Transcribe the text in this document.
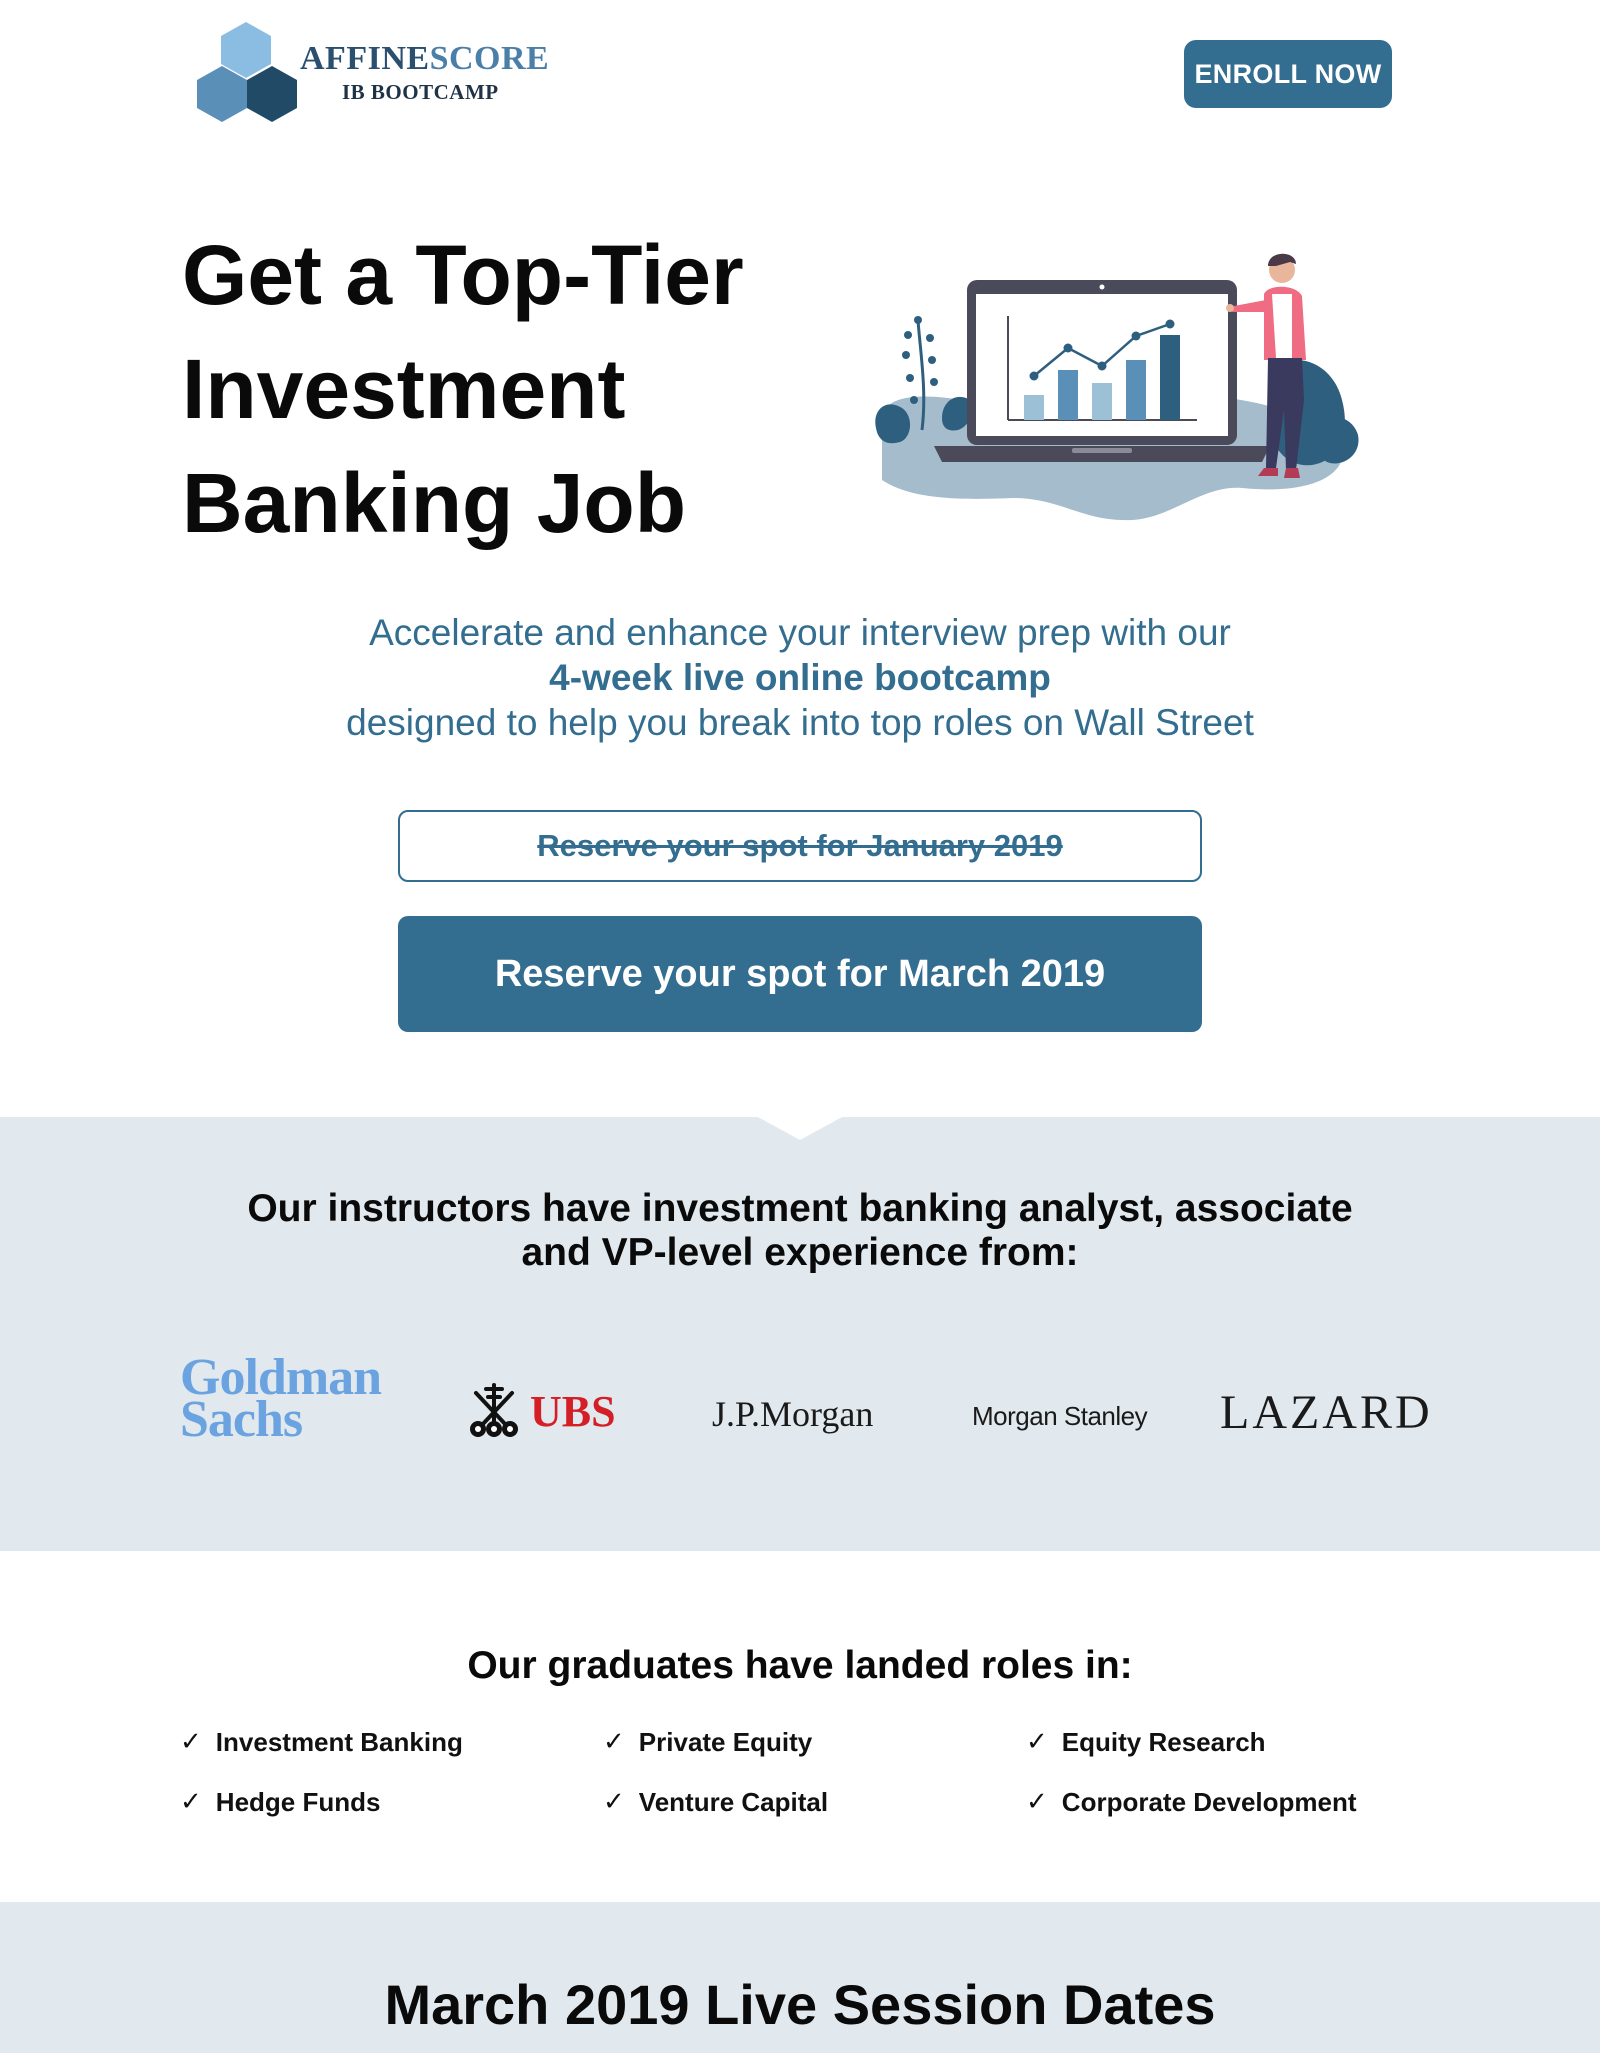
AFFINESCORE
IB BOOTCAMP
ENROLL NOW
Get a Top-Tier
Investment
Banking Job
Accelerate and enhance your interview prep with our
4-week live online bootcamp
designed to help you break into top roles on Wall Street
Reserve your spot for January 2019
Reserve your spot for March 2019
Our instructors have investment banking analyst, associate
and VP-level experience from:
Goldman
Sachs	UBS	J.P.Morgan	Morgan Stanley LAZARD
Our graduates have landed roles in:
✓ Investment Banking	✓ Private Equity	✓ Equity Research
✓ Hedge Funds	✓ Venture Capital	✓ Corporate Development
March 2019 Live Session Dates
